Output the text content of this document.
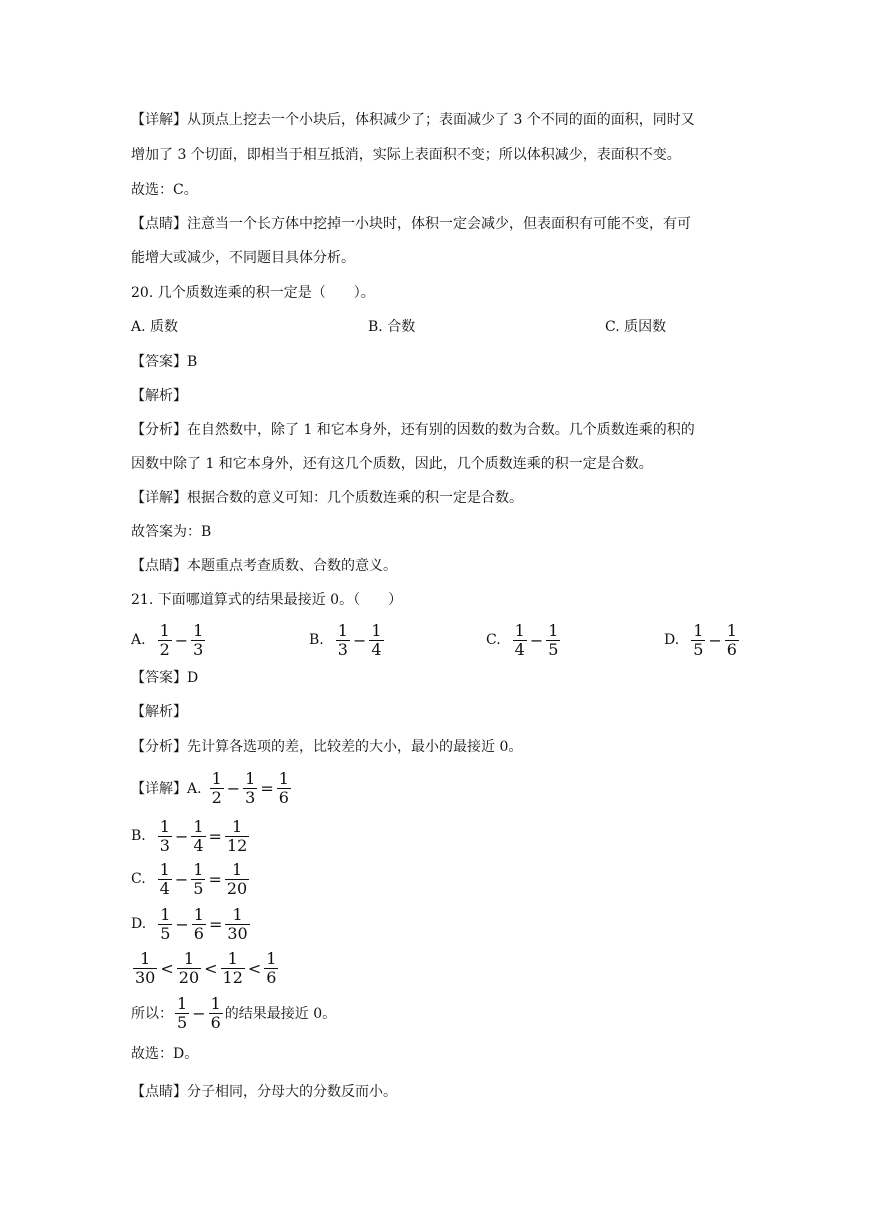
【详解】从顶点上挖去一个小块后，体积减少了；表面减少了 3 个不同的面的面积，同时又
增加了 3 个切面，即相当于相互抵消，实际上表面积不变；所以体积减少，表面积不变。
故选：C。
【点睛】注意当一个长方体中挖掉一小块时，体积一定会减少，但表面积有可能不变，有可
能增大或减少，不同题目具体分析。
20. 几个质数连乘的积一定是（　　）。
A. 质数	B. 合数	C. 质因数
【答案】B
【解析】
【分析】在自然数中，除了 1 和它本身外，还有别的因数的数为合数。几个质数连乘的积的
因数中除了 1 和它本身外，还有这几个质数，因此，几个质数连乘的积一定是合数。
【详解】根据合数的意义可知：几个质数连乘的积一定是合数。
故答案为：B
【点睛】本题重点考查质数、合数的意义。
21. 下面哪道算式的结果最接近 0。（　　）
A. $\frac{1}{2} - \frac{1}{3}$	B. $\frac{1}{3} - \frac{1}{4}$	C. $\frac{1}{4} - \frac{1}{5}$	D. $\frac{1}{5} - \frac{1}{6}$
【答案】D
【解析】
【分析】先计算各选项的差，比较差的大小，最小的最接近 0。
【详解】A. $\frac{1}{2} - \frac{1}{3} = \frac{1}{6}$
B. $\frac{1}{3} - \frac{1}{4} = \frac{1}{12}$
C. $\frac{1}{4} - \frac{1}{5} = \frac{1}{20}$
D. $\frac{1}{5} - \frac{1}{6} = \frac{1}{30}$
$\frac{1}{30} < \frac{1}{20} < \frac{1}{12} < \frac{1}{6}$
所以： $\frac{1}{5} - \frac{1}{6}$ 的结果最接近 0。
故选：D。
【点睛】分子相同，分母大的分数反而小。
